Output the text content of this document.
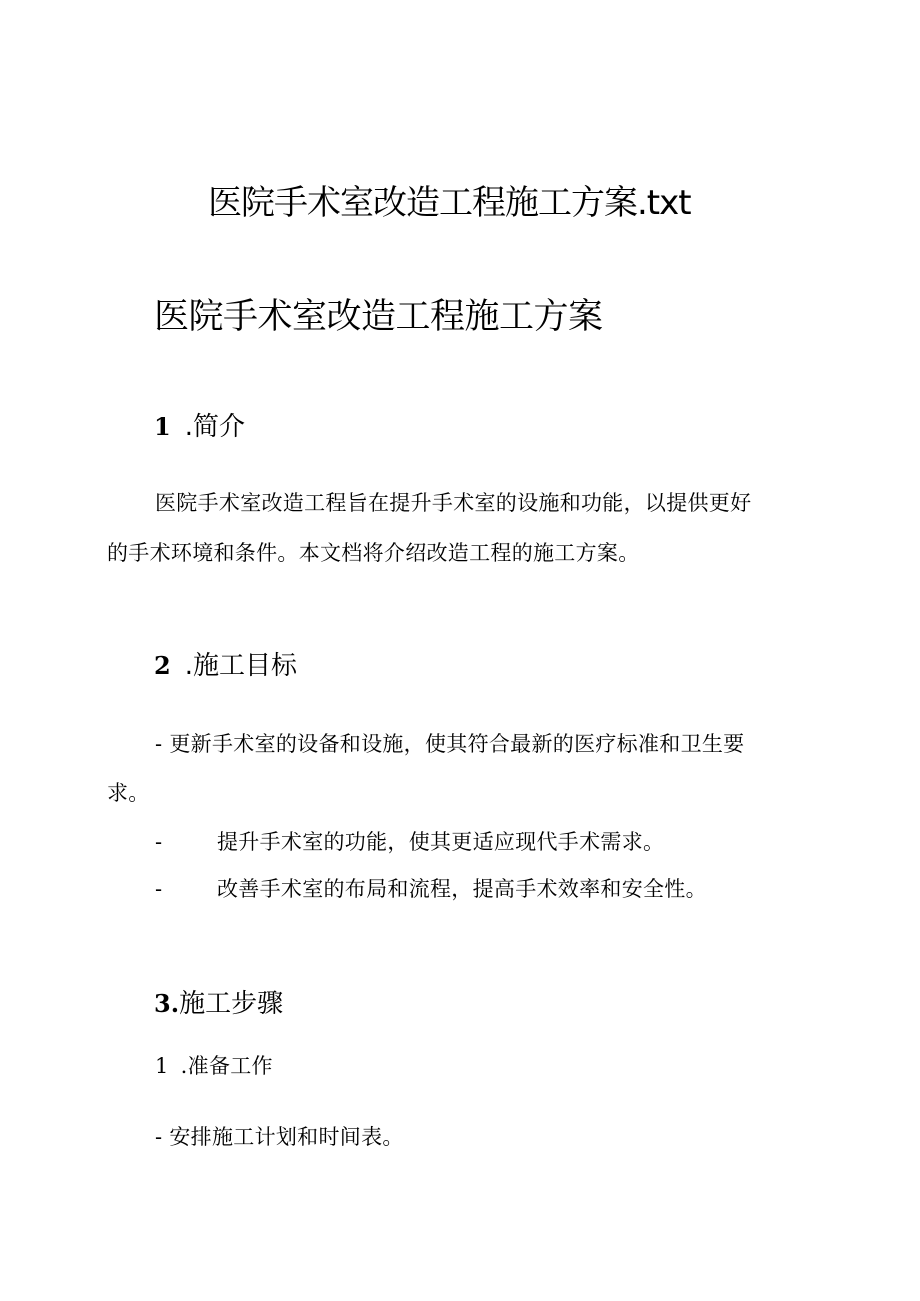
医院手术室改造工程施工方案.txt
医院手术室改造工程施工方案
1 .简介
医院手术室改造工程旨在提升手术室的设施和功能，以提供更好
的手术环境和条件。本文档将介绍改造工程的施工方案。
2 .施工目标
- 更新手术室的设备和设施，使其符合最新的医疗标准和卫生要
求。
-	提升手术室的功能，使其更适应现代手术需求。
-	改善手术室的布局和流程，提高手术效率和安全性。
3.施工步骤
1 .准备工作
- 安排施工计划和时间表。
